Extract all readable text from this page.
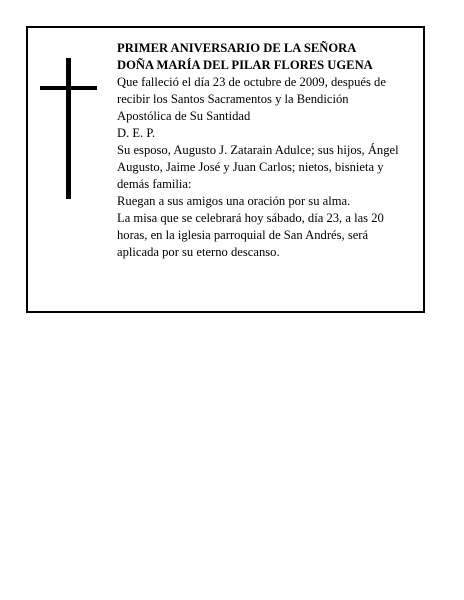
PRIMER ANIVERSARIO DE LA SEÑORA
DOÑA MARÍA DEL PILAR FLORES UGENA
Que falleció el día 23 de octubre de 2009, después de
recibir los Santos Sacramentos y la Bendición
Apostólica de Su Santidad
D. E. P.
Su esposo, Augusto J. Zatarain Adulce; sus hijos, Ángel
Augusto, Jaime José y Juan Carlos; nietos, bisnieta y
demás familia:
Ruegan a sus amigos una oración por su alma.
La misa que se celebrará hoy sábado, día 23, a las 20
horas, en la iglesia parroquial de San Andrés, será
aplicada por su eterno descanso.
